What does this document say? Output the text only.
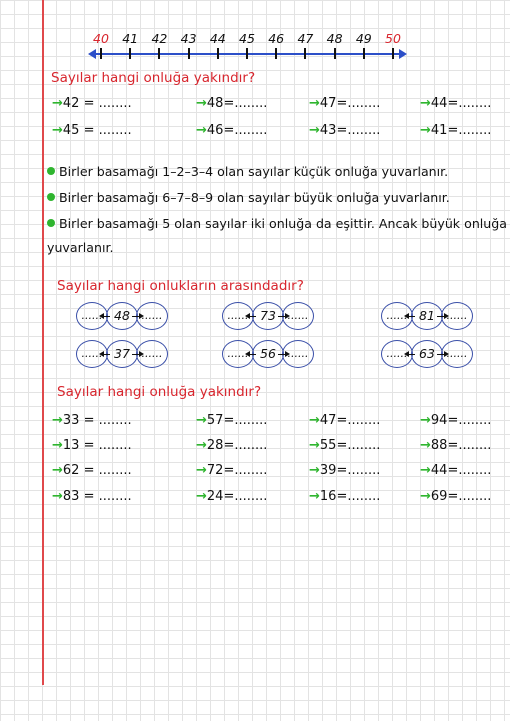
40	41	42	43	44	45	46	47	48	49	50
Sayılar hangi onluğa yakındır?
→42 = ........	→48=........	→47=........	→44=........
→45 = ........	→46=........	→43=........	→41=........
Birler basamağı 1–2–3–4 olan sayılar küçük onluğa yuvarlanır.
Birler basamağı 6–7–8–9 olan sayılar büyük onluğa yuvarlanır.
Birler basamağı 5 olan sayılar iki onluğa da eşittir. Ancak büyük onluğa
yuvarlanır.
Sayılar hangi onlukların arasındadır?
...... 48	......	...... 73	......	...... 81	......
...... 37	......	...... 56	......	...... 63	......
Sayılar hangi onluğa yakındır?
→33 = ........	→57=........	→47=........	→94=........
→13 = ........	→28=........	→55=........	→88=........
→62 = ........	→72=........	→39=........	→44=........
→83 = ........	→24=........	→16=........	→69=........
